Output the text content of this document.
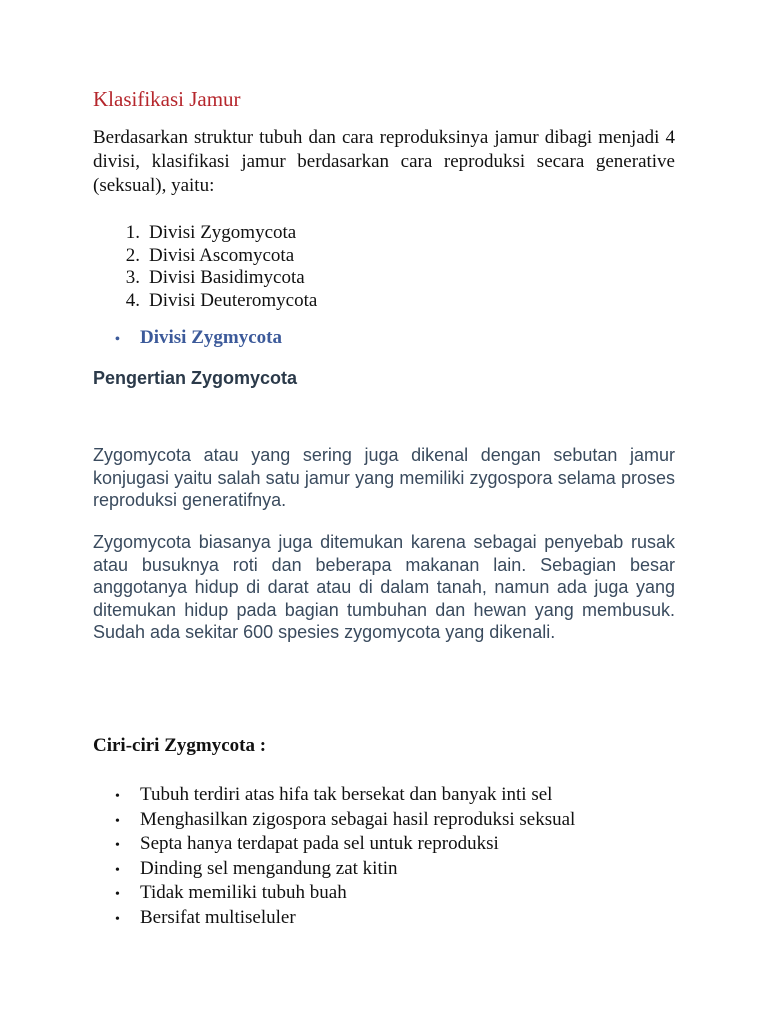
Klasifikasi Jamur

Berdasarkan struktur tubuh dan cara reproduksinya jamur dibagi menjadi 4 divisi, klasifikasi jamur berdasarkan cara reproduksi secara generative (seksual), yaitu:

1. Divisi Zygomycota
2. Divisi Ascomycota
3. Divisi Basidimycota
4. Divisi Deuteromycota
•	Divisi Zygmycota
Pengertian Zygomycota

Zygomycota atau yang sering juga dikenal dengan sebutan jamur konjugasi yaitu salah satu jamur yang memiliki zygospora selama proses reproduksi generatifnya.

Zygomycota biasanya juga ditemukan karena sebagai penyebab rusak atau busuknya roti dan beberapa makanan lain. Sebagian besar anggotanya hidup di darat atau di dalam tanah, namun ada juga yang ditemukan hidup pada bagian tumbuhan dan hewan yang membusuk. Sudah ada sekitar 600 spesies zygomycota yang dikenali.

Ciri-ciri Zygmycota :
•	Tubuh terdiri atas hifa tak bersekat dan banyak inti sel
•	Menghasilkan zigospora sebagai hasil reproduksi seksual
•	Septa hanya terdapat pada sel untuk reproduksi
•	Dinding sel mengandung zat kitin
•	Tidak memiliki tubuh buah
•	Bersifat multiseluler
